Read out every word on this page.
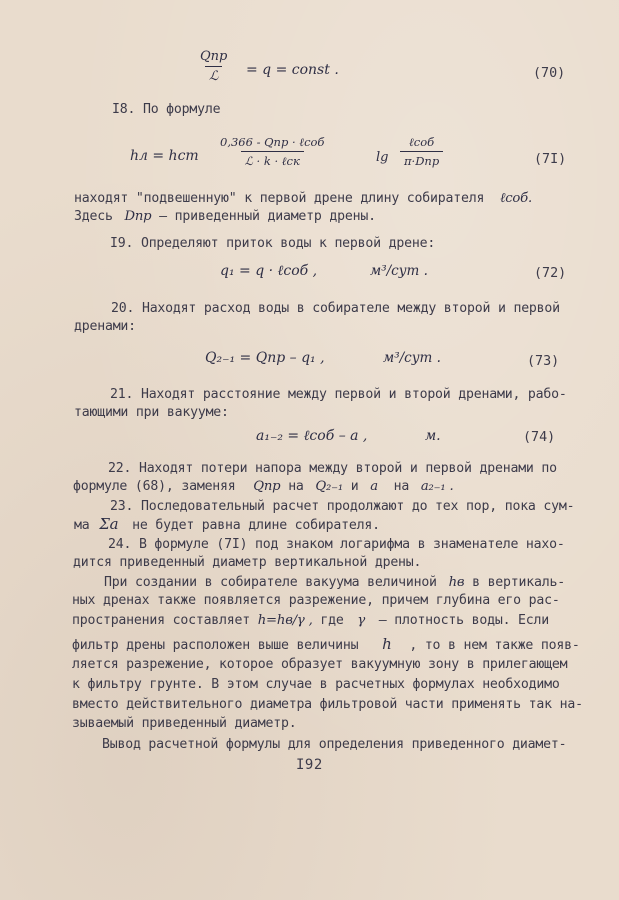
Qпр
ℒ = q = const .	(70)
I8. По формуле
hл = hст
0,366 - Qпр · ℓсоб
ℒ · k · ℓск	lg
ℓсоб
π·Dпр	(7I)
находят "подвешенную" к первой дрене длину собирателя ℓсоб.
Здесь Dпр – приведенный диаметр дрены.
I9. Определяют приток воды к первой дрене:
q₁ = q · ℓсоб ,	м³/сут .	(72)
20. Находят расход воды в собирателе между второй и первой
дренами:
Q₂₋₁ = Qпр – q₁ ,	м³/сут .	(73)
21. Находят расстояние между первой и второй дренами, рабо-
тающими при вакууме:
a₁₋₂ = ℓсоб – a ,	м.	(74)
22. Находят потери напора между второй и первой дренами по
формуле (68), заменяя Qпр на Q₂₋₁ и a на a₂₋₁ .
23. Последовательный расчет продолжают до тех пор, пока сум-
ма Σa не будет равна длине собирателя.
24. В формуле (7I) под знаком логарифма в знаменателе нахо-
дится приведенный диаметр вертикальной дрены.
При создании в собирателе вакуума величиной hв в вертикаль-
ных дренах также появляется разрежение, причем глубина его рас-
пространения составляет h=hв/γ , где γ – плотность воды. Если
фильтр дрены расположен выше величины h , то в нем также появ-
ляется разрежение, которое образует вакуумную зону в прилегающем
к фильтру грунте. В этом случае в расчетных формулах необходимо
вместо действительного диаметра фильтровой части применять так на-
зываемый приведенный диаметр.
Вывод расчетной формулы для определения приведенного диамет-
I92
